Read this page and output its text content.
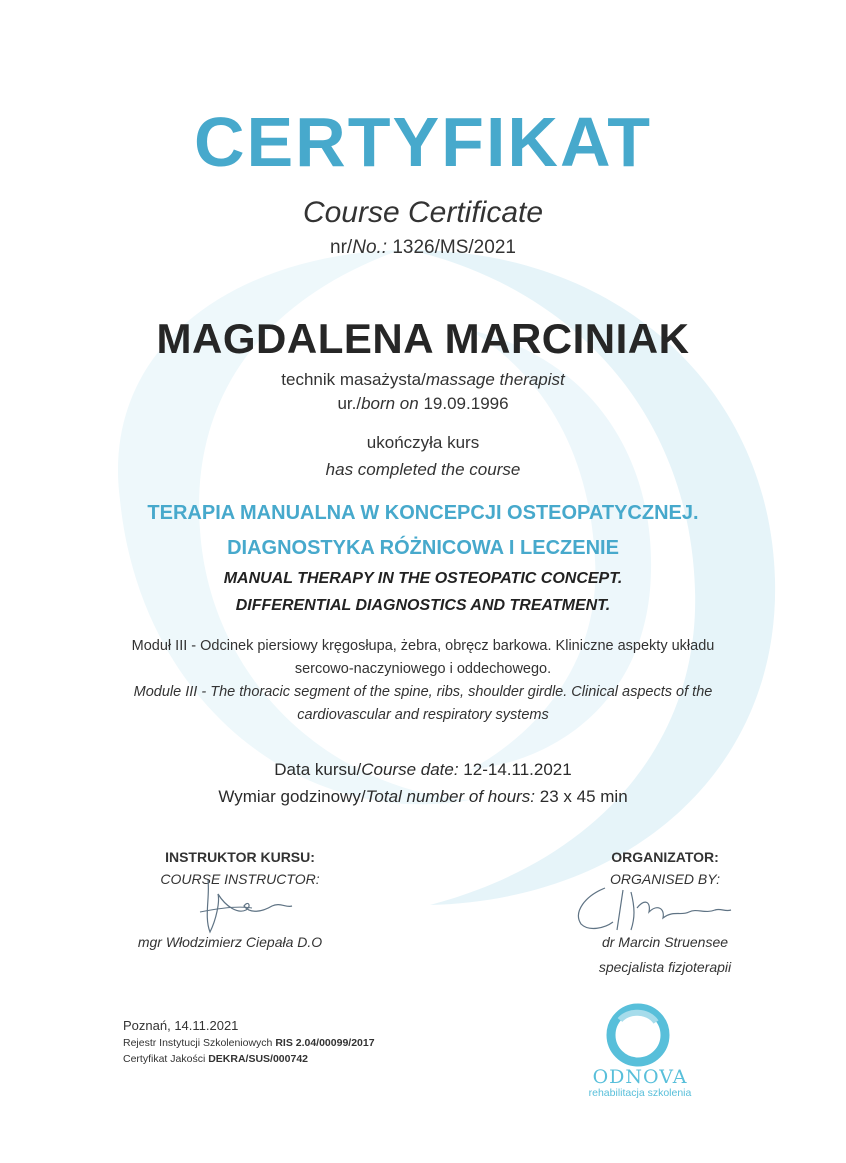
CERTYFIKAT
Course Certificate
nr/No.: 1326/MS/2021
MAGDALENA MARCINIAK
technik masażysta/massage therapist
ur./born on 19.09.1996
ukończyła kurs
has completed the course
TERAPIA MANUALNA W KONCEPCJI OSTEOPATYCZNEJ.
DIAGNOSTYKA RÓŻNICOWA I LECZENIE
MANUAL THERAPY IN THE OSTEOPATIC CONCEPT.
DIFFERENTIAL DIAGNOSTICS AND TREATMENT.
Moduł III - Odcinek piersiowy kręgosłupa, żebra, obręcz barkowa. Kliniczne aspekty układu
sercowo-naczyniowego i oddechowego.
Module III - The thoracic segment of the spine, ribs, shoulder girdle. Clinical aspects of the
cardiovascular and respiratory systems
Data kursu/Course date: 12-14.11.2021
Wymiar godzinowy/Total number of hours: 23 x 45 min
INSTRUKTOR KURSU:
COURSE INSTRUCTOR:
mgr Włodzimierz Ciepała D.O
ORGANIZATOR:
ORGANISED BY:
dr Marcin Struensee
specjalista fizjoterapii
Poznań, 14.11.2021
Rejestr Instytucji Szkoleniowych RIS 2.04/00099/2017
Certyfikat Jakości DEKRA/SUS/000742
ODNOVA
rehabilitacja szkolenia
